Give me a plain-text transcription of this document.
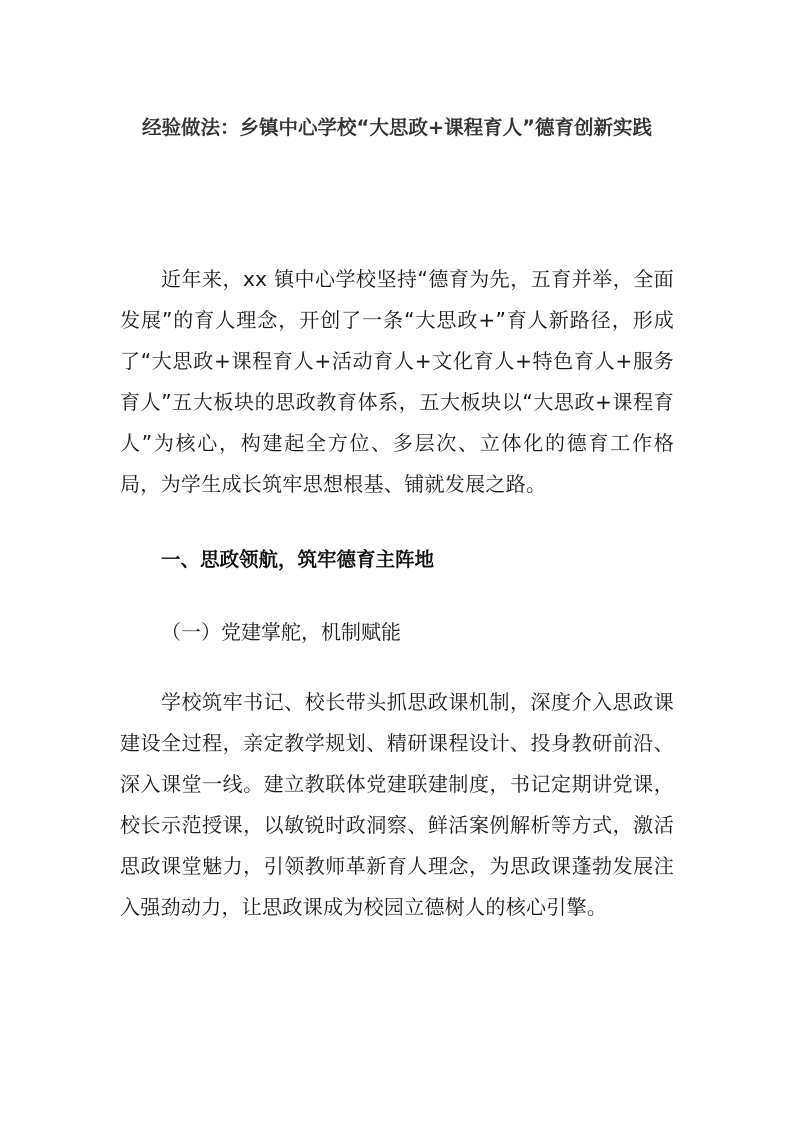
经验做法：乡镇中心学校“大思政+课程育人”德育创新实践
近年来，xx 镇中心学校坚持“德育为先，五育并举，全面发展”的育人理念，开创了一条“大思政+”育人新路径，形成了“大思政+课程育人+活动育人+文化育人+特色育人+服务育人”五大板块的思政教育体系，五大板块以“大思政+课程育人”为核心，构建起全方位、多层次、立体化的德育工作格局，为学生成长筑牢思想根基、铺就发展之路。
一、思政领航，筑牢德育主阵地
（一）党建掌舵，机制赋能
学校筑牢书记、校长带头抓思政课机制，深度介入思政课建设全过程，亲定教学规划、精研课程设计、投身教研前沿、深入课堂一线。建立教联体党建联建制度，书记定期讲党课，校长示范授课，以敏锐时政洞察、鲜活案例解析等方式，激活思政课堂魅力，引领教师革新育人理念，为思政课蓬勃发展注入强劲动力，让思政课成为校园立德树人的核心引擎。
